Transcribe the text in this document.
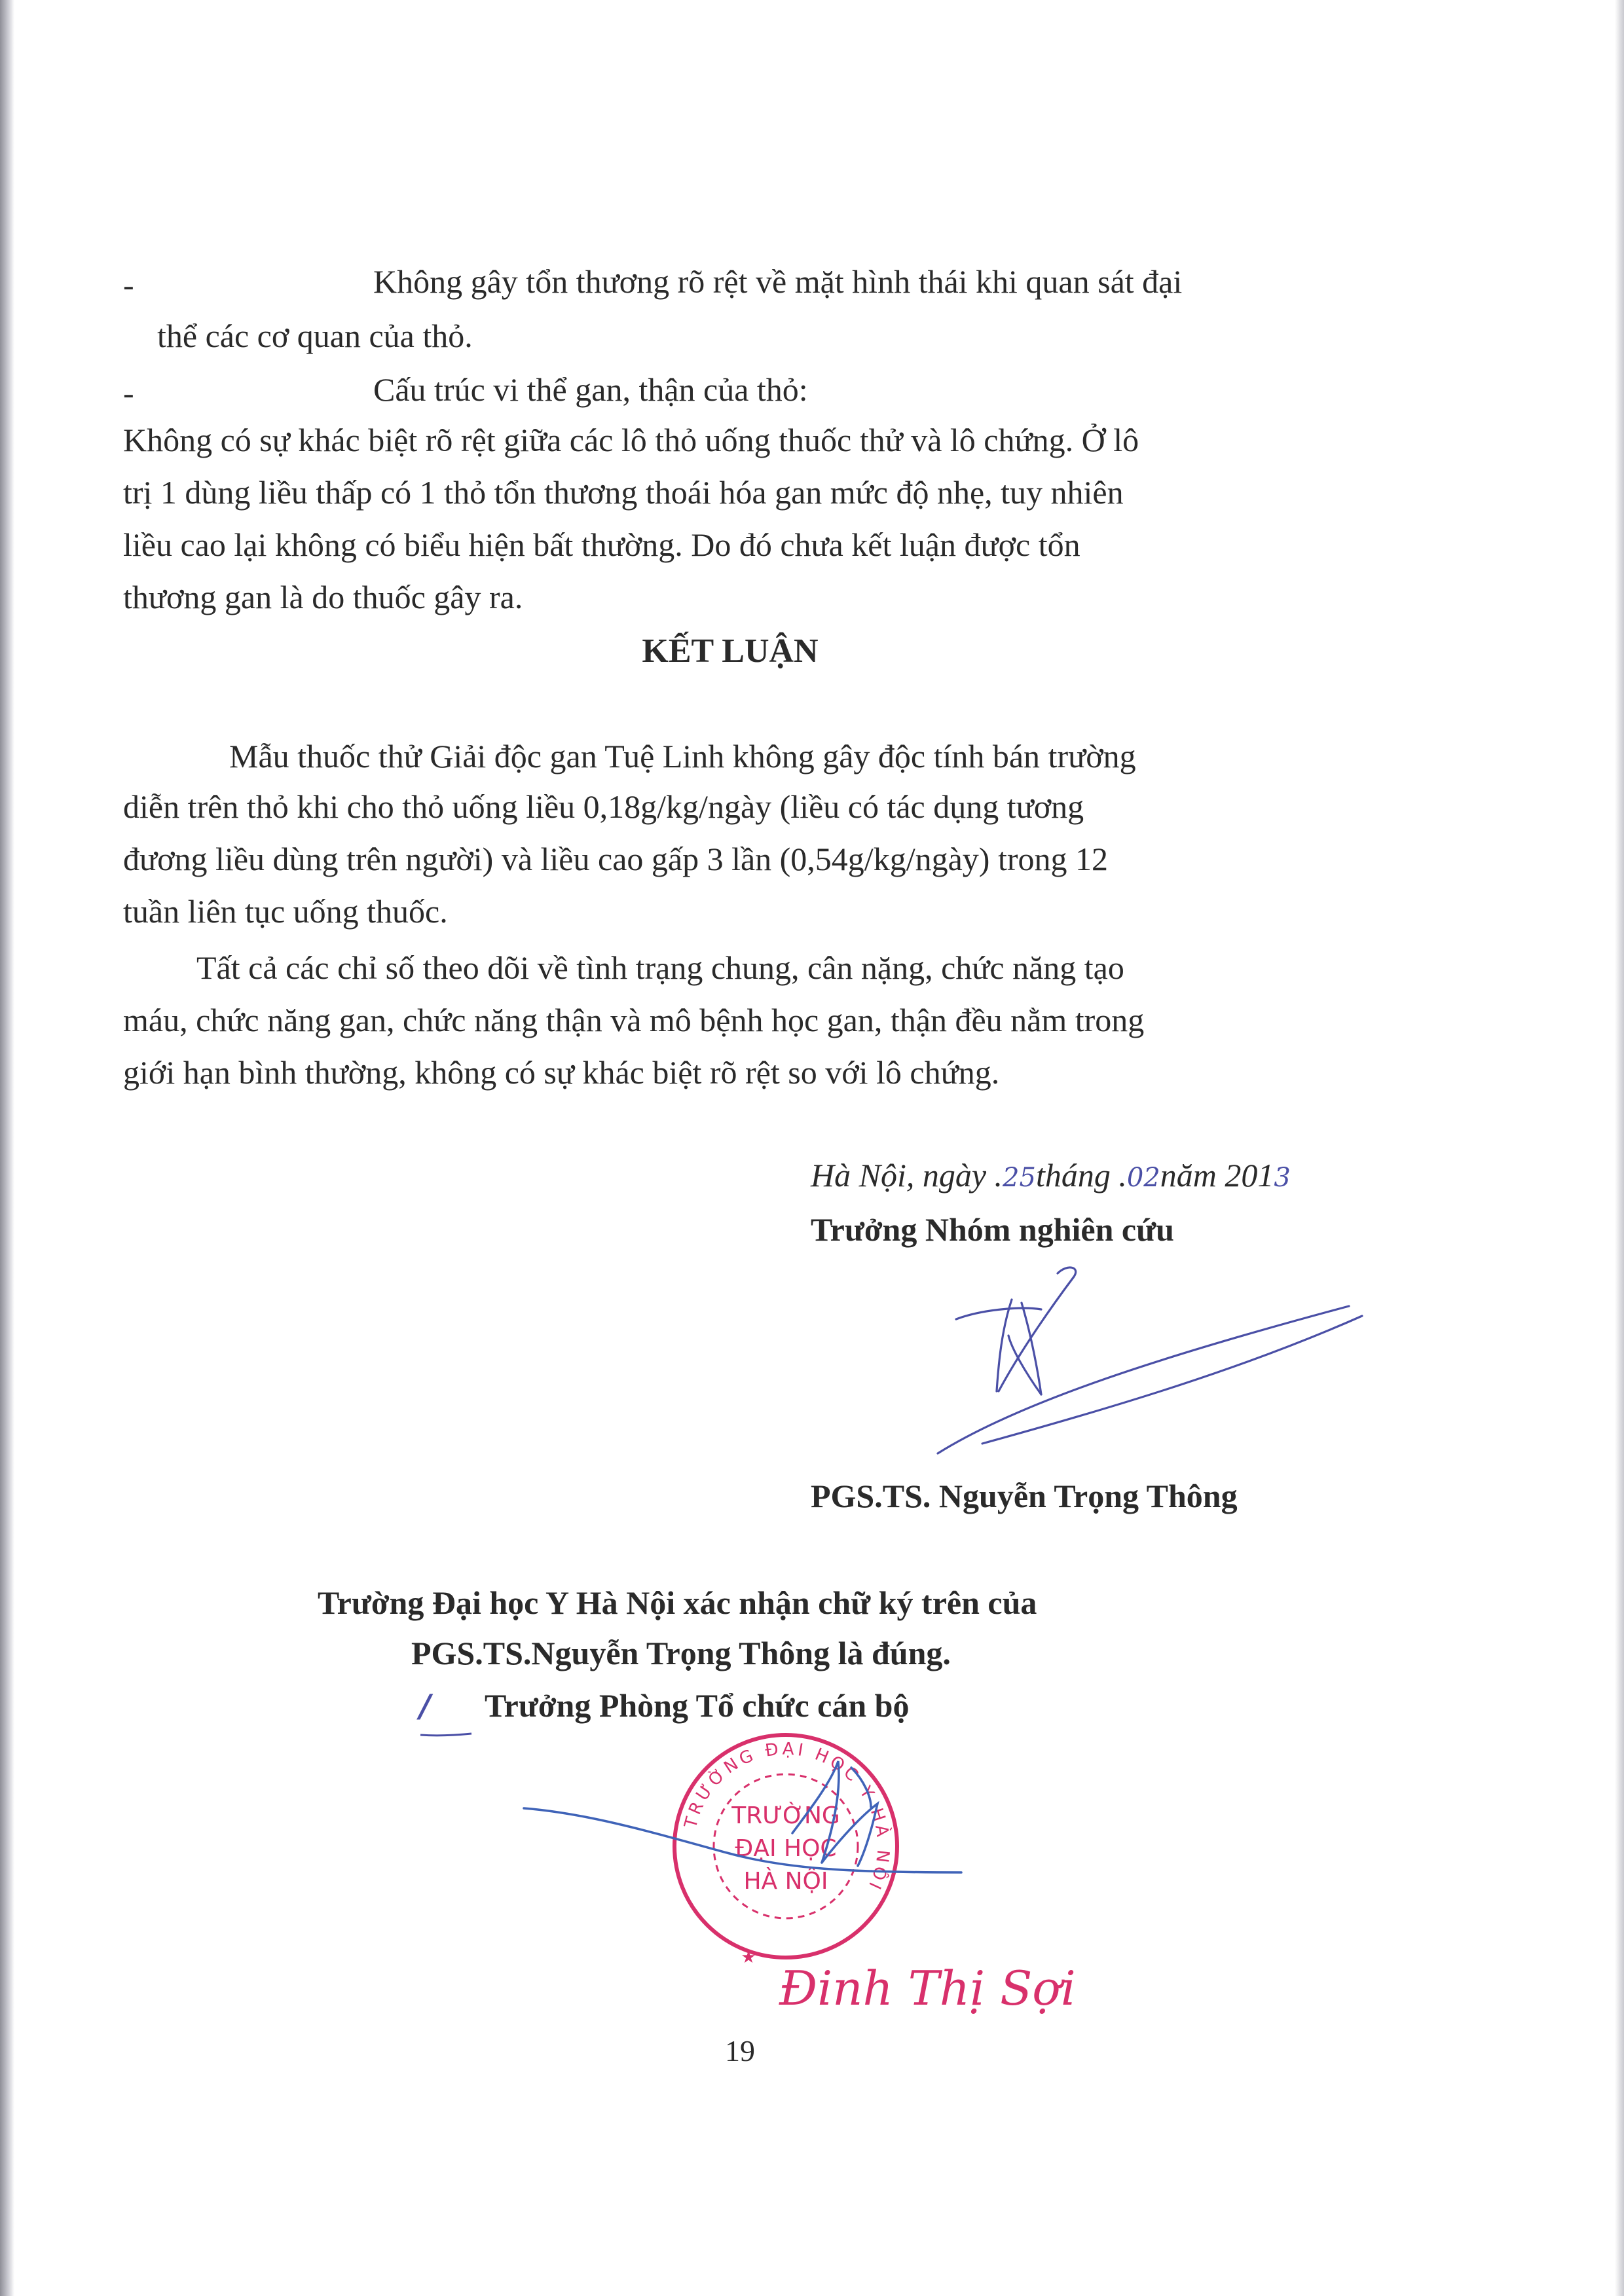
-	Không gây tổn thương rõ rệt về mặt hình thái khi quan sát đại
thể các cơ quan của thỏ.
-	Cấu trúc vi thể gan, thận của thỏ:
Không có sự khác biệt rõ rệt giữa các lô thỏ uống thuốc thử và lô chứng. Ở lô
trị 1 dùng liều thấp có 1 thỏ tổn thương thoái hóa gan mức độ nhẹ, tuy nhiên
liều cao lại không có biểu hiện bất thường. Do đó chưa kết luận được tổn
thương gan là do thuốc gây ra.
KẾT LUẬN
Mẫu thuốc thử Giải độc gan Tuệ Linh không gây độc tính bán trường
diễn trên thỏ khi cho thỏ uống liều 0,18g/kg/ngày (liều có tác dụng tương
đương liều dùng trên người) và liều cao gấp 3 lần (0,54g/kg/ngày) trong 12
tuần liên tục uống thuốc.
Tất cả các chỉ số theo dõi về tình trạng chung, cân nặng, chức năng tạo
máu, chức năng gan, chức năng thận và mô bệnh học gan, thận đều nằm trong
giới hạn bình thường, không có sự khác biệt rõ rệt so với lô chứng.
Hà Nội, ngày .25tháng .02năm 2013
Trưởng Nhóm nghiên cứu
PGS.TS. Nguyễn Trọng Thông
Trường Đại học Y Hà Nội xác nhận chữ ký trên của
PGS.TS.Nguyễn Trọng Thông là đúng.
/ Trưởng Phòng Tổ chức cán bộ
19
TRƯỜNG ĐẠI HỌC Y HÀ NỘI
TRƯỜNG
ĐẠI HỌC
HÀ NỘI
★
Đinh Thị Sợi
